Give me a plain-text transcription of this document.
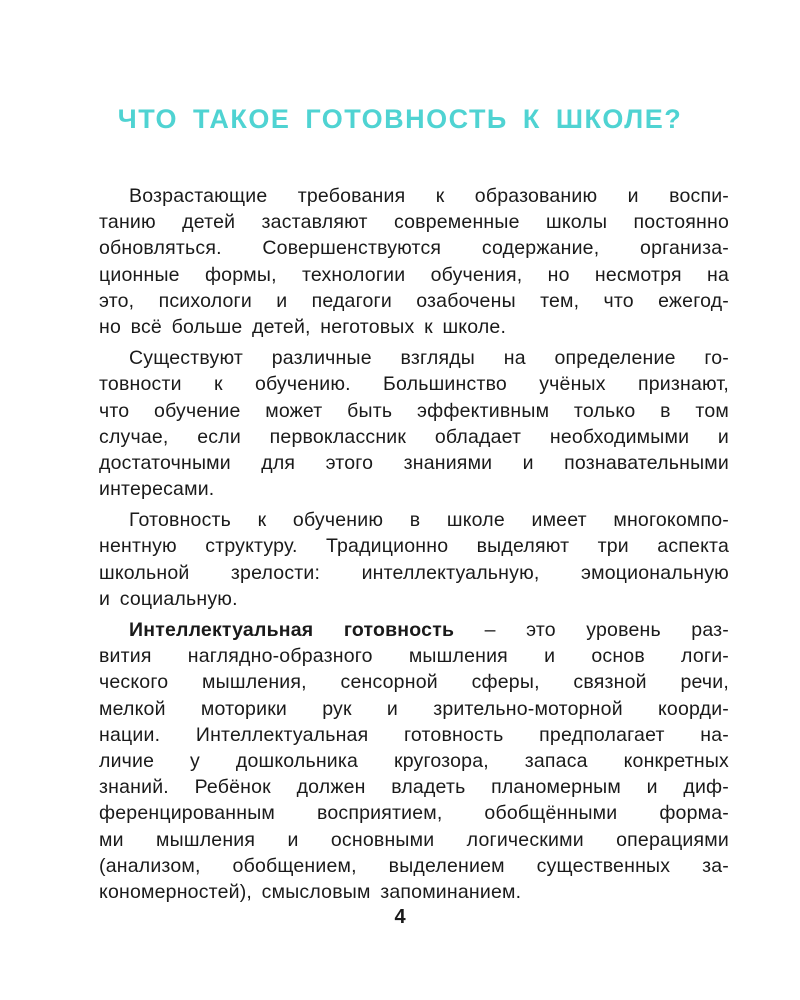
ЧТО ТАКОЕ ГОТОВНОСТЬ К ШКОЛЕ?
Возрастающие требования к образованию и воспи-
танию детей заставляют современные школы постоянно
обновляться. Совершенствуются содержание, организа-
ционные формы, технологии обучения, но несмотря на
это, психологи и педагоги озабочены тем, что ежегод-
но всё больше детей, неготовых к школе.
Существуют различные взгляды на определение го-
товности к обучению. Большинство учёных признают,
что обучение может быть эффективным только в том
случае, если первоклассник обладает необходимыми и
достаточными для этого знаниями и познавательными
интересами.
Готовность к обучению в школе имеет многокомпо-
нентную структуру. Традиционно выделяют три аспекта
школьной зрелости: интеллектуальную, эмоциональную
и социальную.
Интеллектуальная готовность – это уровень раз-
вития наглядно-образного мышления и основ логи-
ческого мышления, сенсорной сферы, связной речи,
мелкой моторики рук и зрительно-моторной коорди-
нации. Интеллектуальная готовность предполагает на-
личие у дошкольника кругозора, запаса конкретных
знаний. Ребёнок должен владеть планомерным и диф-
ференцированным восприятием, обобщёнными форма-
ми мышления и основными логическими операциями
(анализом, обобщением, выделением существенных за-
кономерностей), смысловым запоминанием.
4
